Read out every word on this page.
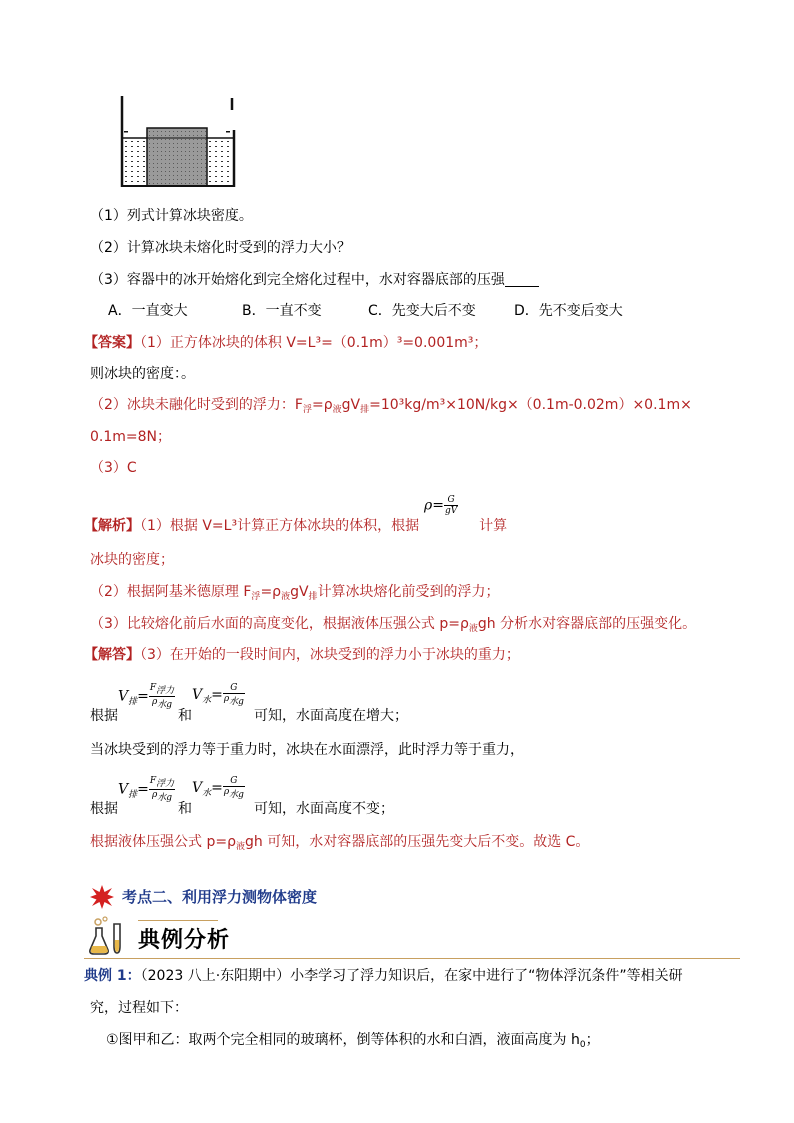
（1）列式计算冰块密度。
（2）计算冰块未熔化时受到的浮力大小？
（3）容器中的冰开始熔化到完全熔化过程中，水对容器底部的压强
A．一直变大	B．一直不变	C．先变大后不变	D．先不变后变大
【答案】（1）正方体冰块的体积 V=L³=（0.1m）³=0.001m³；
则冰块的密度：。
（2）冰块未融化时受到的浮力：$F_浮=\rho_液gV_排=10^3kg/m^3\times 10N/kg\times(0.1m-0.02m)\times 0.1m\times$
0.1m=8N；
（3）C
$\rho= \frac{G}{gV}$
【解析】（1）根据 V=L³计算正方体冰块的体积，根据	计算
冰块的密度；
（2）根据阿基米德原理 $F_浮=\rho_液gV_排$计算冰块熔化前受到的浮力；
（3）比较熔化前后水面的高度变化，根据液体压强公式 $p=\rho_液gh$ 分析水对容器底部的压强变化。
【解答】（3）在开始的一段时间内，冰块受到的浮力小于冰块的重力；
$V_排= \frac{\text{F浮力}}{\text{ρ水g}} V_水= \frac{G}{\text{ρ水g}}$
根据	和	可知，水面高度在增大；
当冰块受到的浮力等于重力时，冰块在水面漂浮，此时浮力等于重力，
$V_排= \frac{\text{F浮力}}{\text{ρ水g}} V_水= \frac{G}{\text{ρ水g}}$
根据	和	可知，水面高度不变；
根据液体压强公式 $p=\rho_液gh$ 可知，水对容器底部的压强先变大后不变。故选 C。
考点二、利用浮力测物体密度
典例分析
典例 1：（2023 八上·东阳期中）小李学习了浮力知识后，在家中进行了“物体浮沉条件”等相关研
究，过程如下：
①图甲和乙：取两个完全相同的玻璃杯，倒等体积的水和白酒，液面高度为 $h_0$；
